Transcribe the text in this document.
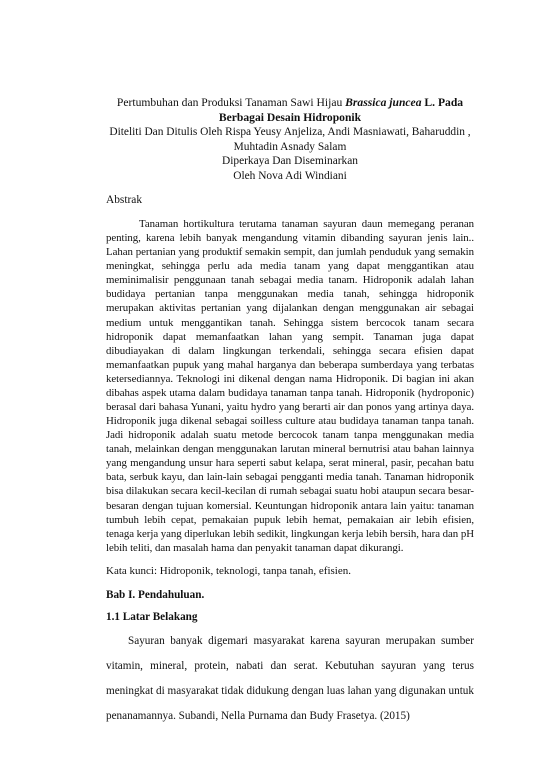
Pertumbuhan dan Produksi Tanaman Sawi Hijau Brassica juncea L. Pada
Berbagai Desain Hidroponik
Diteliti Dan Ditulis Oleh Rispa Yeusy Anjeliza, Andi Masniawati, Baharuddin ,
Muhtadin Asnady Salam
Diperkaya Dan Diseminarkan
Oleh Nova Adi Windiani
Abstrak
Tanaman hortikultura terutama tanaman sayuran daun memegang peranan penting, karena lebih banyak mengandung vitamin dibanding sayuran jenis lain.. Lahan pertanian yang produktif semakin sempit, dan jumlah penduduk yang semakin meningkat, sehingga perlu ada media tanam yang dapat menggantikan atau meminimalisir penggunaan tanah sebagai media tanam. Hidroponik adalah lahan budidaya pertanian tanpa menggunakan media tanah, sehingga hidroponik merupakan aktivitas pertanian yang dijalankan dengan menggunakan air sebagai medium untuk menggantikan tanah. Sehingga sistem bercocok tanam secara hidroponik dapat memanfaatkan lahan yang sempit. Tanaman juga dapat dibudiayakan di dalam lingkungan terkendali, sehingga secara efisien dapat memanfaatkan pupuk yang mahal harganya dan beberapa sumberdaya yang terbatas ketersediannya. Teknologi ini dikenal dengan nama Hidroponik. Di bagian ini akan dibahas aspek utama dalam budidaya tanaman tanpa tanah. Hidroponik (hydroponic) berasal dari bahasa Yunani, yaitu hydro yang berarti air dan ponos yang artinya daya. Hidroponik juga dikenal sebagai soilless culture atau budidaya tanaman tanpa tanah. Jadi hidroponik adalah suatu metode bercocok tanam tanpa menggunakan media tanah, melainkan dengan menggunakan larutan mineral bernutrisi atau bahan lainnya yang mengandung unsur hara seperti sabut kelapa, serat mineral, pasir, pecahan batu bata, serbuk kayu, dan lain-lain sebagai pengganti media tanah. Tanaman hidroponik bisa dilakukan secara kecil-kecilan di rumah sebagai suatu hobi ataupun secara besar-besaran dengan tujuan komersial. Keuntungan hidroponik antara lain yaitu: tanaman tumbuh lebih cepat, pemakaian pupuk lebih hemat, pemakaian air lebih efisien, tenaga kerja yang diperlukan lebih sedikit, lingkungan kerja lebih bersih, hara dan pH lebih teliti, dan masalah hama dan penyakit tanaman dapat dikurangi.
Kata kunci: Hidroponik, teknologi, tanpa tanah, efisien.
Bab I. Pendahuluan.
1.1 Latar Belakang
Sayuran banyak digemari masyarakat karena sayuran merupakan sumber vitamin, mineral, protein, nabati dan serat. Kebutuhan sayuran yang terus meningkat di masyarakat tidak didukung dengan luas lahan yang digunakan untuk penanamannya. Subandi, Nella Purnama dan Budy Frasetya. (2015)
